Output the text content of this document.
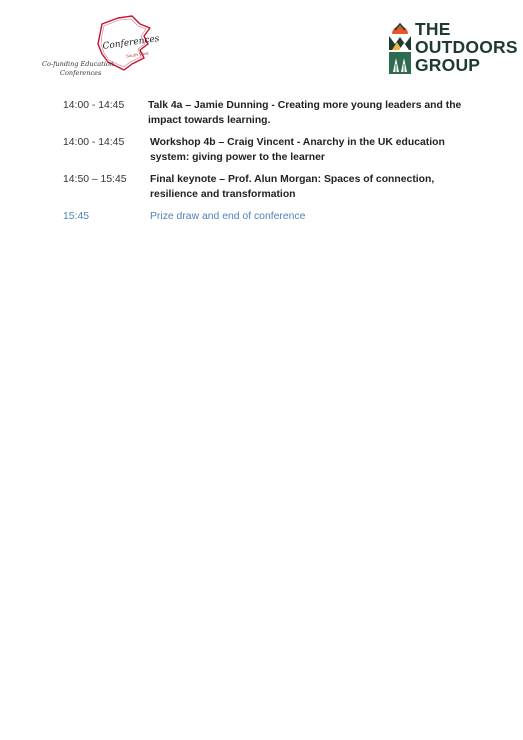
Conferences
South West
Co-funding Education
Conferences
THE
OUTDOORS
GROUP
14:00 - 14:45	Talk 4a – Jamie Dunning - Creating more young leaders and the impact towards learning.
14:00 - 14:45	Workshop 4b – Craig Vincent - Anarchy in the UK education system: giving power to the learner
14:50 – 15:45	Final keynote – Prof. Alun Morgan: Spaces of connection, resilience and transformation
15:45	Prize draw and end of conference
